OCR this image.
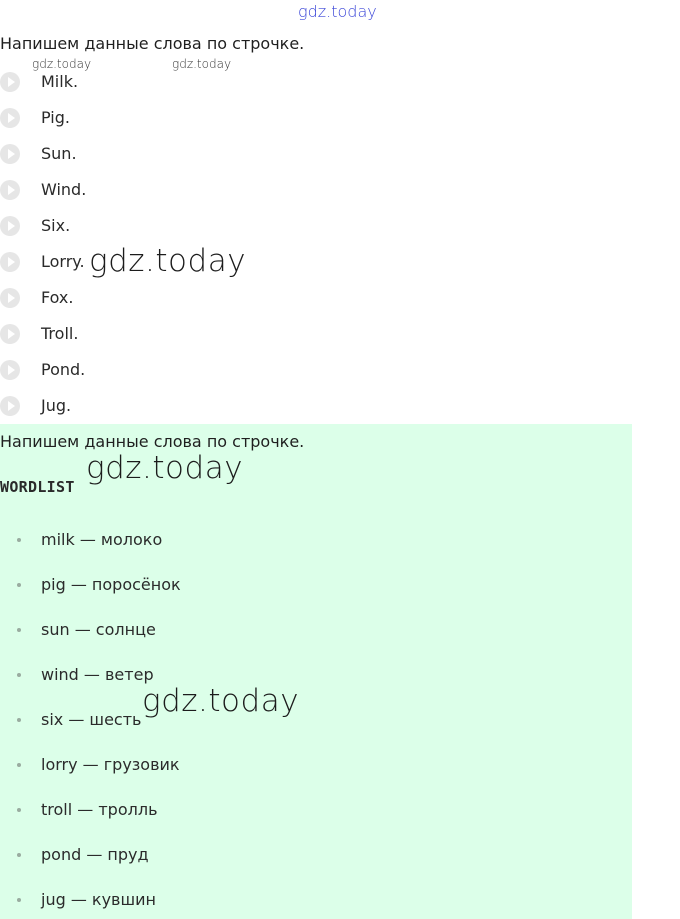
gdz.today
Напишем данные слова по строчке.
gdz.today	gdz.today
Milk.
Pig.
Sun.
Wind.
Six.
Lorry.
Fox.
Troll.
Pond.
Jug.
gdz.today
Напишем данные слова по строчке.
WORDLIST
milk — молоко
pig — поросёнок
sun — солнце
wind — ветер
six — шесть
lorry — грузовик
troll — тролль
pond — пруд
jug — кувшин
gdz.today
gdz.today
